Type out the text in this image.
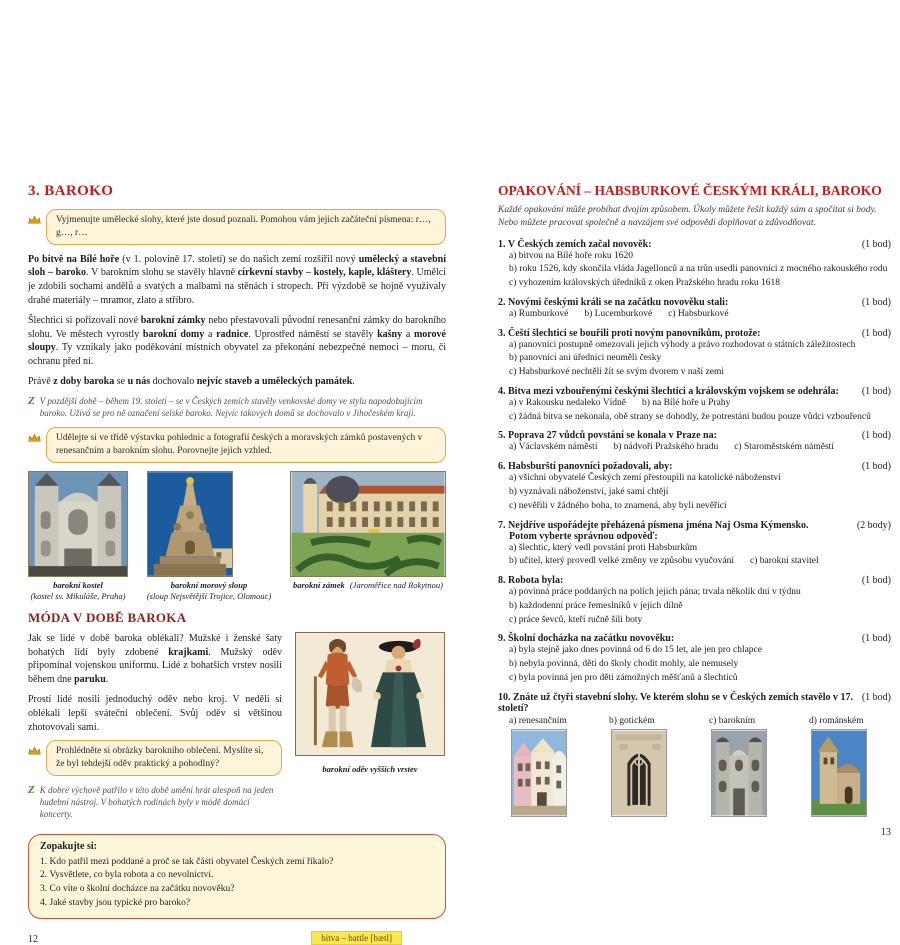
3. BAROKO
Vyjmenujte umělecké slohy, které jste dosud poznali. Pomohou vám jejich začáteční písmena: r…, g…, r…

Po bitvě na Bílé hoře (v 1. polovině 17. století) se do našich zemí rozšířil nový umělecký a stavební sloh – baroko. V barokním slohu se stavěly hlavně církevní stavby – kostely, kaple, kláštery. Umělci je zdobili sochami andělů a svatých a malbami na stěnách i stropech. Při výzdobě se hojně využívaly drahé materiály – mramor, zlato a stříbro.

Šlechtici si pořizovali nové barokní zámky nebo přestavovali původní renesanční zámky do barokního slohu. Ve městech vyrostly barokní domy a radnice. Uprostřed náměstí se stavěly kašny a morové sloupy. Ty vznikaly jako poděkování místních obyvatel za překonání nebezpečné nemoci – moru, či ochranu před ní.

Právě z doby baroka se u nás dochovalo nejvíc staveb a uměleckých památek.

Z V pozdější době – během 19. století – se v Českých zemích stavěly venkovské domy ve stylu napodobujícím baroko. Užívá se pro ně označení selské baroko. Nejvíc takových domů se dochovalo v Jihočeském kraji.
Udělejte si ve třídě výstavku pohlednic a fotografií českých a moravských zámků postavených v renesančním a barokním slohu. Porovnejte jejich vzhled.
barokní kostel
(kostel sv. Mikuláše, Praha)
barokní morový sloup
(sloup Nejsvětější Trojice, Olomouc)
barokní zámek (Jaroměřice nad Rokytnou)
MÓDA V DOBĚ BAROKA

Jak se lidé v době baroka oblékali? Mužské i ženské šaty bohatých lidí byly zdobené krajkami. Mužský oděv připomínal vojenskou uniformu. Lidé z bohatších vrstev nosili během dne paruku.

Prostí lidé nosili jednoduchý oděv nebo kroj. V neděli si oblékali lepší sváteční oblečení. Svůj oděv si většinou zhotovovali sami.

Prohlédněte si obrázky barokního oblečení. Myslíte si, že byl tehdejší oděv praktický a pohodlný?
Z K dobré výchově patřilo v této době umění hrát alespoň na jeden hudební nástroj. V bohatých rodinách byly v módě domácí koncerty.
barokní oděv vyšších vrstev
Zopakujte si:
1. Kdo patřil mezi poddané a proč se tak části obyvatel Českých zemí říkalo?
2. Vysvětlete, co byla robota a co nevolnictví.
3. Co víte o školní docházce na začátku novověku?
4. Jaké stavby jsou typické pro baroko?
12	bitva – battle [bætl]
OPAKOVÁNÍ – HABSBURKOVÉ ČESKÝMI KRÁLI, BAROKO

Každé opakování může probíhat dvojím způsobem. Úkoly můžete řešit každý sám a spočítat si body. Nebo můžete pracovat společně a navzájem své odpovědi doplňovat a zdůvodňovat.

1. V Českých zemích začal novověk:	(1 bod)
a) bitvou na Bílé hoře roku 1620
b) roku 1526, kdy skončila vláda Jagellonců a na trůn usedli panovníci z mocného rakouského rodu
c) vyhozením královských úředníků z oken Pražského hradu roku 1618
2. Novými českými králi se na začátku novověku stali:	(1 bod)
a) Rumburkové b) Lucemburkové c) Habsburkové
3. Čeští šlechtici se bouřili proti novým panovníkům, protože:	(1 bod)
a) panovníci postupně omezovali jejich výhody a právo rozhodovat o státních záležitostech
b) panovníci ani úředníci neuměli česky
c) Habsburkové nechtěli žít se svým dvorem v naší zemi
4. Bitva mezi vzbouřenými českými šlechtici a královským vojskem se odehrála: (1 bod)
a) v Rakousku nedaleko Vídně b) na Bílé hoře u Prahy
c) žádná bitva se nekonala, obě strany se dohodly, že potrestáni budou pouze vůdci vzbouřenců
5. Poprava 27 vůdců povstání se konala v Praze na:	(1 bod)
a) Václavském náměstí b) nádvoří Pražského hradu c) Staroměstském náměstí
6. Habsburští panovníci požadovali, aby:	(1 bod)
a) všichni obyvatelé Českých zemí přestoupili na katolické náboženství
b) vyznávali náboženství, jaké sami chtějí
c) nevěřili v žádného boha, to znamená, aby byli nevěřící
7. Nejdříve uspořádejte přeházená písmena jména Naj Osma Kýmensko.	(2 body)
Potom vyberte správnou odpověď:
a) šlechtic, který vedl povstání proti Habsburkům
b) učitel, který provedl velké změny ve způsobu vyučování c) barokní stavitel
8. Robota byla:	(1 bod)
a) povinná práce poddaných na polích jejich pána; trvala několik dní v týdnu
b) každodenní práce řemeslníků v jejich dílně
c) práce ševců, kteří ručně šili boty
9. Školní docházka na začátku novověku:	(1 bod)
a) byla stejně jako dnes povinná od 6 do 15 let, ale jen pro chlapce
b) nebyla povinná, děti do školy chodit mohly, ale nemusely
c) byla povinná jen pro děti zámožných měšťanů a šlechticů
10. Znáte už čtyři stavební slohy. Ve kterém slohu se v Českých zemích stavělo v 17. století?
(1 bod)
a) renesančním	b) gotickém	c) barokním	d) románském
13
